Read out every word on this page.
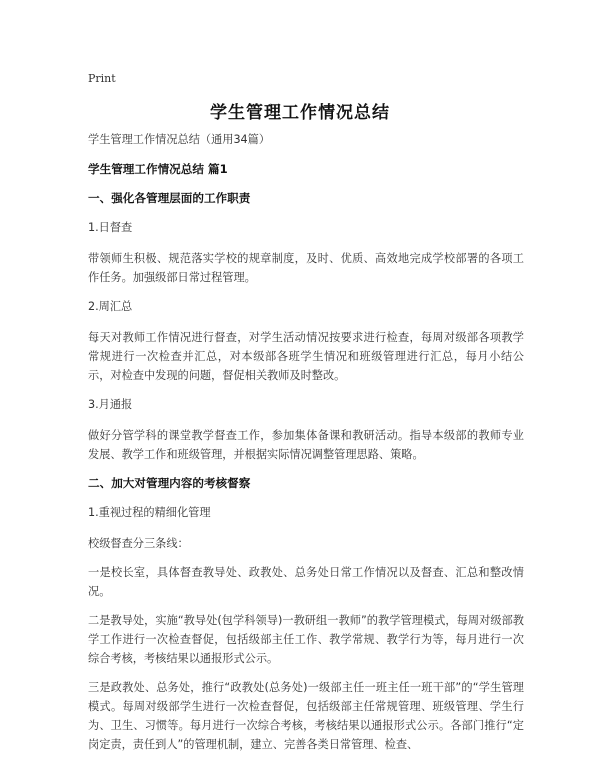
Print
学生管理工作情况总结
学生管理工作情况总结（通用34篇）
学生管理工作情况总结 篇1
一、强化各管理层面的工作职责
1.日督查
带领师生积极、规范落实学校的规章制度，及时、优质、高效地完成学校部署的各项工作任务。加强级部日常过程管理。
2.周汇总
每天对教师工作情况进行督查，对学生活动情况按要求进行检查，每周对级部各项教学常规进行一次检查并汇总，对本级部各班学生情况和班级管理进行汇总，每月小结公示，对检查中发现的问题，督促相关教师及时整改。
3.月通报
做好分管学科的课堂教学督查工作，参加集体备课和教研活动。指导本级部的教师专业发展、教学工作和班级管理，并根据实际情况调整管理思路、策略。
二、加大对管理内容的考核督察
1.重视过程的精细化管理
校级督查分三条线：
一是校长室，具体督查教导处、政教处、总务处日常工作情况以及督查、汇总和整改情况。
二是教导处，实施“教导处(包学科领导)一教研组一教师”的教学管理模式，每周对级部教学工作进行一次检查督促，包括级部主任工作、教学常规、教学行为等，每月进行一次综合考核，考核结果以通报形式公示。
三是政教处、总务处，推行“政教处(总务处)一级部主任一班主任一班干部”的“学生管理模式。每周对级部学生进行一次检查督促，包括级部主任常规管理、班级管理、学生行为、卫生、习惯等。每月进行一次综合考核，考核结果以通报形式公示。各部门推行“定岗定责，责任到人”的管理机制，建立、完善各类日常管理、检查、
